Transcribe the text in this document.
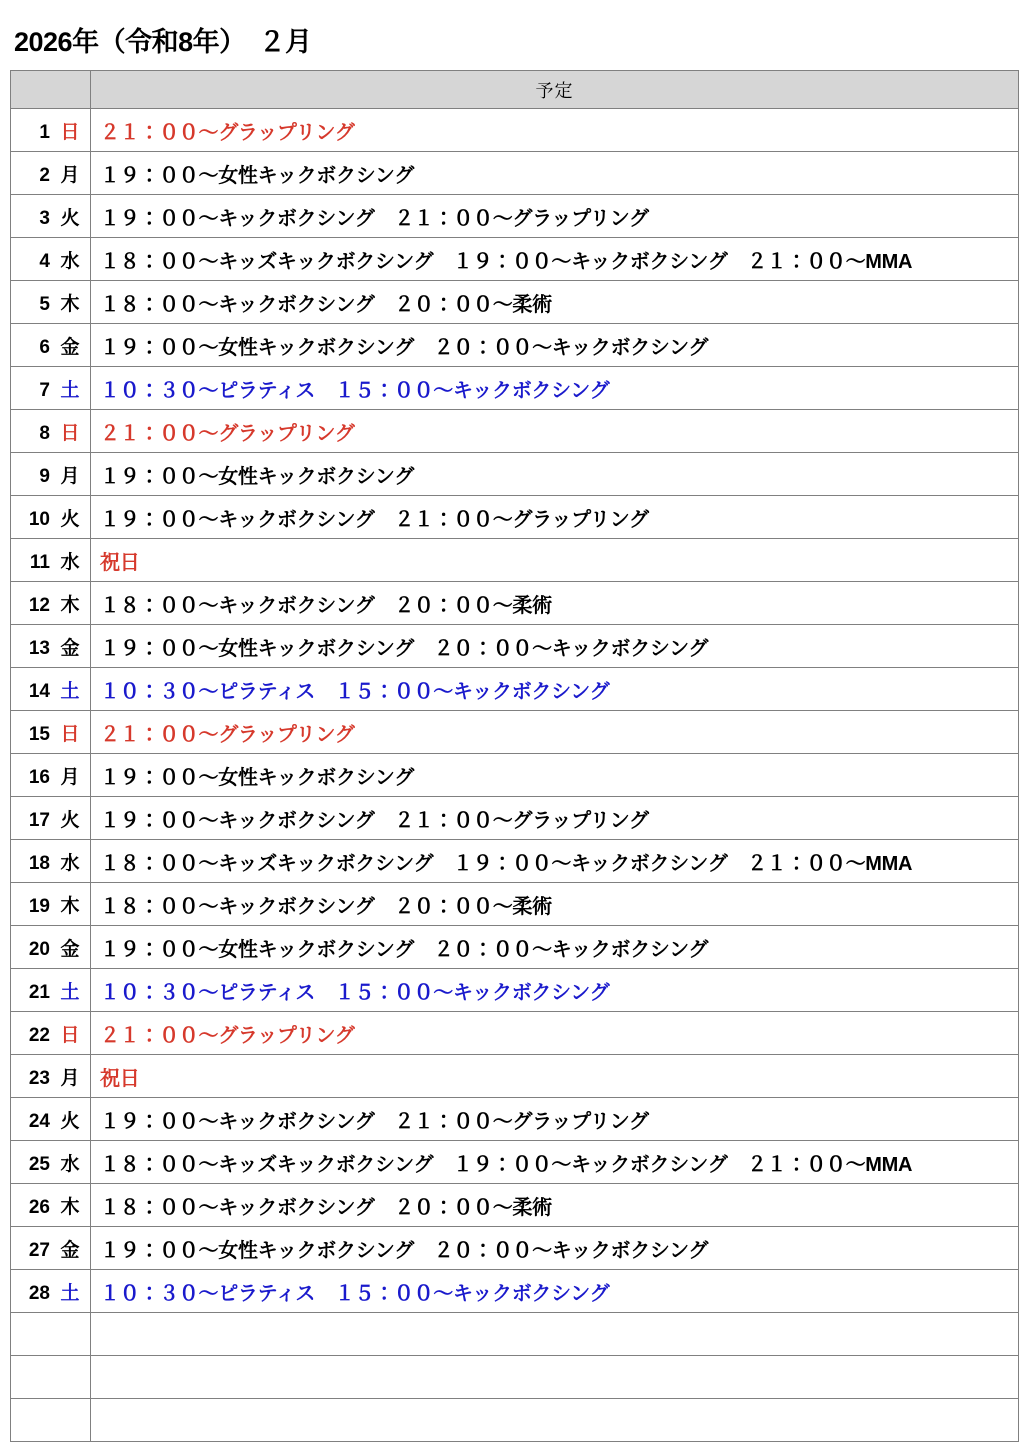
2026年（令和8年）　２月
	予定
1 日	２１：００〜グラップリング
2 月	１９：００〜女性キックボクシング
3 火	１９：００〜キックボクシング　２１：００〜グラップリング
4 水	１８：００〜キッズキックボクシング　１９：００〜キックボクシング　２１：００〜MMA
5 木	１８：００〜キックボクシング　２０：００〜柔術
6 金	１９：００〜女性キックボクシング　２０：００〜キックボクシング
7 土	１０：３０〜ピラティス　１５：００〜キックボクシング
8 日	２１：００〜グラップリング
9 月	１９：００〜女性キックボクシング
10 火	１９：００〜キックボクシング　２１：００〜グラップリング
11 水	祝日
12 木	１８：００〜キックボクシング　２０：００〜柔術
13 金	１９：００〜女性キックボクシング　２０：００〜キックボクシング
14 土	１０：３０〜ピラティス　１５：００〜キックボクシング
15 日	２１：００〜グラップリング
16 月	１９：００〜女性キックボクシング
17 火	１９：００〜キックボクシング　２１：００〜グラップリング
18 水	１８：００〜キッズキックボクシング　１９：００〜キックボクシング　２１：００〜MMA
19 木	１８：００〜キックボクシング　２０：００〜柔術
20 金	１９：００〜女性キックボクシング　２０：００〜キックボクシング
21 土	１０：３０〜ピラティス　１５：００〜キックボクシング
22 日	２１：００〜グラップリング
23 月	祝日
24 火	１９：００〜キックボクシング　２１：００〜グラップリング
25 水	１８：００〜キッズキックボクシング　１９：００〜キックボクシング　２１：００〜MMA
26 木	１８：００〜キックボクシング　２０：００〜柔術
27 金	１９：００〜女性キックボクシング　２０：００〜キックボクシング
28 土	１０：３０〜ピラティス　１５：００〜キックボクシング
